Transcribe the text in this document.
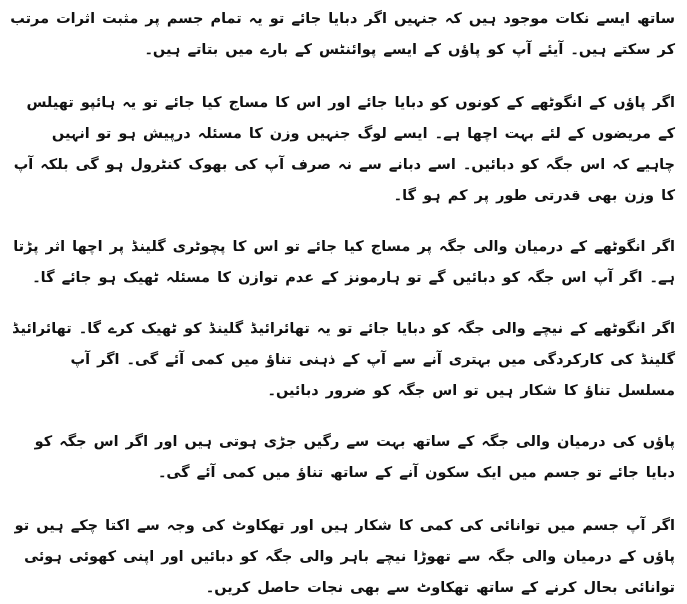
ساتھ ایسے نکات موجود ہیں کہ جنہیں اگر دبایا جائے تو یہ تمام جسم پر مثبت اثرات مرتب کر سکتے ہیں۔ آیئے آپ کو پاؤں کے ایسے پوائنٹس کے بارے میں بتاتے ہیں۔

اگر پاؤں کے انگوٹھے کے کونوں کو دبایا جائے اور اس کا مساج کیا جائے تو یہ ہائپو تھیلس کے مریضوں کے لئے بہت اچھا ہے۔ ایسے لوگ جنہیں وزن کا مسئلہ درپیش ہو تو انہیں چاہیے کہ اس جگہ کو دبائیں۔ اسے دبانے سے نہ صرف آپ کی بھوک کنٹرول ہو گی بلکہ آپ کا وزن بھی قدرتی طور پر کم ہو گا۔

اگر انگوٹھے کے درمیان والی جگہ پر مساج کیا جائے تو اس کا پچوٹری گلینڈ پر اچھا اثر پڑتا ہے۔ اگر آپ اس جگہ کو دبائیں گے تو ہارمونز کے عدم توازن کا مسئلہ ٹھیک ہو جائے گا۔

اگر انگوٹھے کے نیچے والی جگہ کو دبایا جائے تو یہ تھائرائیڈ گلینڈ کو ٹھیک کرے گا۔ تھائرائیڈ گلینڈ کی کارکردگی میں بہتری آنے سے آپ کے ذہنی تناؤ میں کمی آئے گی۔ اگر آپ مسلسل تناؤ کا شکار ہیں تو اس جگہ کو ضرور دبائیں۔

پاؤں کی درمیان والی جگہ کے ساتھ بہت سے رگیں جڑی ہوتی ہیں اور اگر اس جگہ کو دبایا جائے تو جسم میں ایک سکون آنے کے ساتھ تناؤ میں کمی آئے گی۔

اگر آپ جسم میں توانائی کی کمی کا شکار ہیں اور تھکاوٹ کی وجہ سے اکتا چکے ہیں تو پاؤں کے درمیان والی جگہ سے تھوڑا نیچے باہر والی جگہ کو دبائیں اور اپنی کھوئی ہوئی توانائی بحال کرنے کے ساتھ تھکاوٹ سے بھی نجات حاصل کریں۔
